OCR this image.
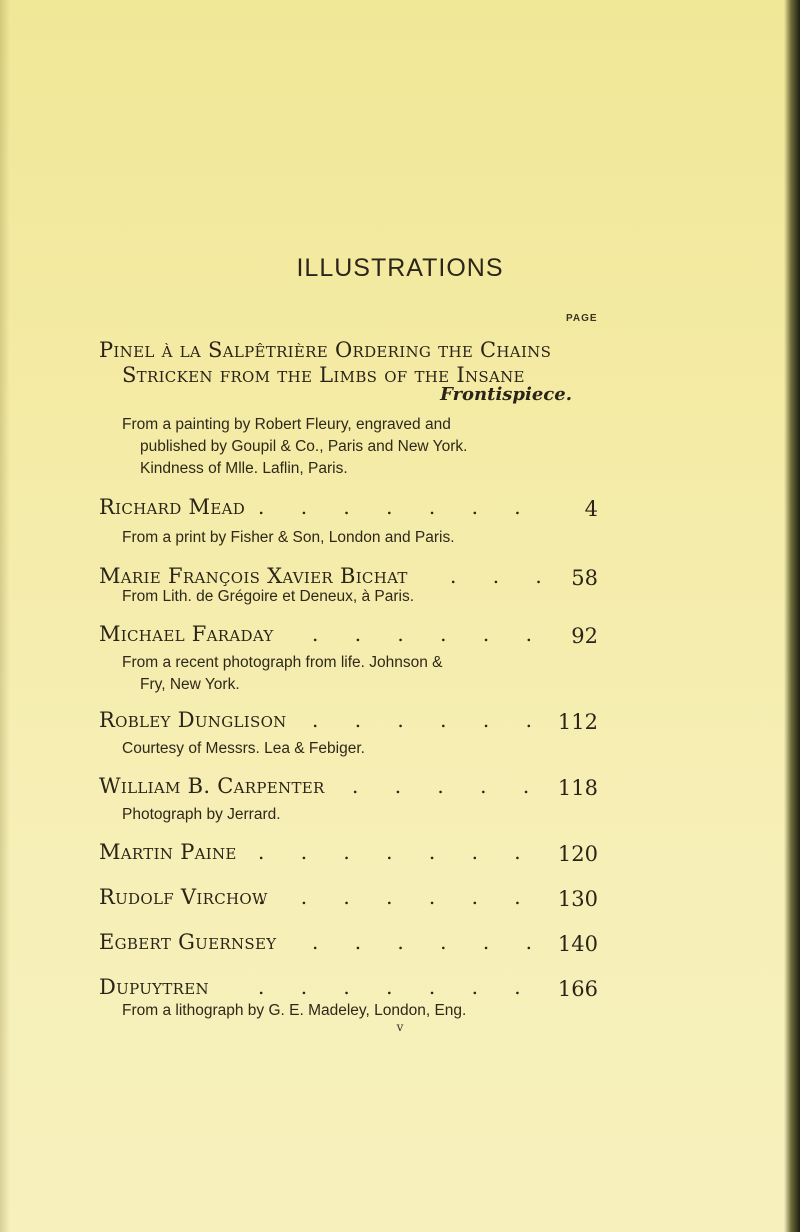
ILLUSTRATIONS
PAGE
Pinel à la Salpêtrière Ordering the Chains
Stricken from the Limbs of the Insane
Frontispiece.
From a painting by Robert Fleury, engraved and
published by Goupil & Co., Paris and New York.
Kindness of Mlle. Laflin, Paris.
Richard Mead . . . . . . . 4
From a print by Fisher & Son, London and Paris.
Marie François Xavier Bichat . . . 58
From Lith. de Grégoire et Deneux, à Paris.
Michael Faraday . . . . . . 92
From a recent photograph from life. Johnson &
Fry, New York.
Robley Dunglison . . . . . . 112
Courtesy of Messrs. Lea & Febiger.
William B. Carpenter . . . . . 118
Photograph by Jerrard.
Martin Paine . . . . . . . 120
Rudolf Virchow
. . . . . . . 130
Egbert Guernsey . . . . . . 140
Dupuytren . . . . . . . 166
From a lithograph by G. E. Madeley, London, Eng.
v
